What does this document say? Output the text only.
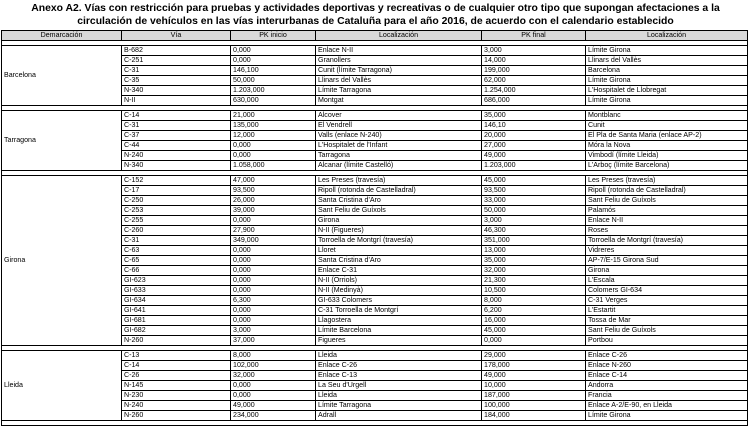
Anexo A2. Vías con restricción para pruebas y actividades deportivas y recreativas o de cualquier otro tipo que supongan afectaciones a la circulación de vehículos en las vías interurbanas de Cataluña para el año 2016, de acuerdo con el calendario establecido
Demarcación	Vía	PK inicio	Localización	PK final	Localización

Barcelona	B-682	0,000	Enlace N-II	3,000	Límite Girona
	C-251	0,000	Granollers	14,000	Llinars del Vallès
	C-31	146,100	Cunit (límite Tarragona)	199,000	Barcelona
	C-35	50,000	Llinars del Vallès	62,000	Límite Girona
	N-340	1.203,000	Límite Tarragona	1.254,000	L'Hospitalet de Llobregat
	N-II	630,000	Montgat	686,000	Límite Girona

Tarragona	C-14	21,000	Alcover	35,000	Montblanc
	C-31	135,000	El Vendrell	146,10	Cunit
	C-37	12,000	Valls (enlace N-240)	20,000	El Pla de Santa Maria (enlace AP-2)
	C-44	0,000	L'Hospitalet de l'Infant	27,000	Móra la Nova
	N-240	0,000	Tarragona	49,000	Vimbodí (límite Lleida)
	N-340	1.058,000	Alcanar (límite Castelló)	1.203,000	L'Arboç (límite Barcelona)

Girona	C-152	47,000	Les Preses (travesía)	45,000	Les Preses (travesía)
	C-17	93,500	Ripoll (rotonda de Castelladral)	93,500	Ripoll (rotonda de Castelladral)
	C-250	26,000	Santa Cristina d'Aro	33,000	Sant Feliu de Guíxols
	C-253	39,000	Sant Feliu de Guíxols	50,000	Palamós
	C-255	0,000	Girona	3,000	Enlace N-II
	C-260	27,900	N-II (Figueres)	46,300	Roses
	C-31	349,000	Torroella de Montgrí (travesía)	351,000	Torroella de Montgrí (travesía)
	C-63	0,000	Lloret	13,000	Vidreres
	C-65	0,000	Santa Cristina d'Aro	35,000	AP-7/E-15 Girona Sud
	C-66	0,000	Enlace C-31	32,000	Girona
	GI-623	0,000	N-II (Orriols)	21,300	L'Escala
	GI-633	0,000	N-II (Medinyà)	10,500	Colomers GI-634
	GI-634	6,300	GI-633 Colomers	8,000	C-31 Verges
	GI-641	0,000	C-31 Torroella de Montgrí	6,200	L'Estartit
	GI-681	0,000	Llagostera	16,000	Tossa de Mar
	GI-682	3,000	Límite Barcelona	45,000	Sant Feliu de Guíxols
	N-260	37,000	Figueres	0,000	Portbou

Lleida	C-13	8,000	Lleida	29,000	Enlace C-26
	C-14	102,000	Enlace C-26	178,000	Enlace N-260
	C-26	32,000	Enlace C-13	49,000	Enlace C-14
	N-145	0,000	La Seu d'Urgell	10,000	Andorra
	N-230	0,000	Lleida	187,000	Francia
	N-240	49,000	Límite Tarragona	100,000	Enlace A-2/E-90, en Lleida
	N-260	234,000	Adrall	184,000	Límite Girona
